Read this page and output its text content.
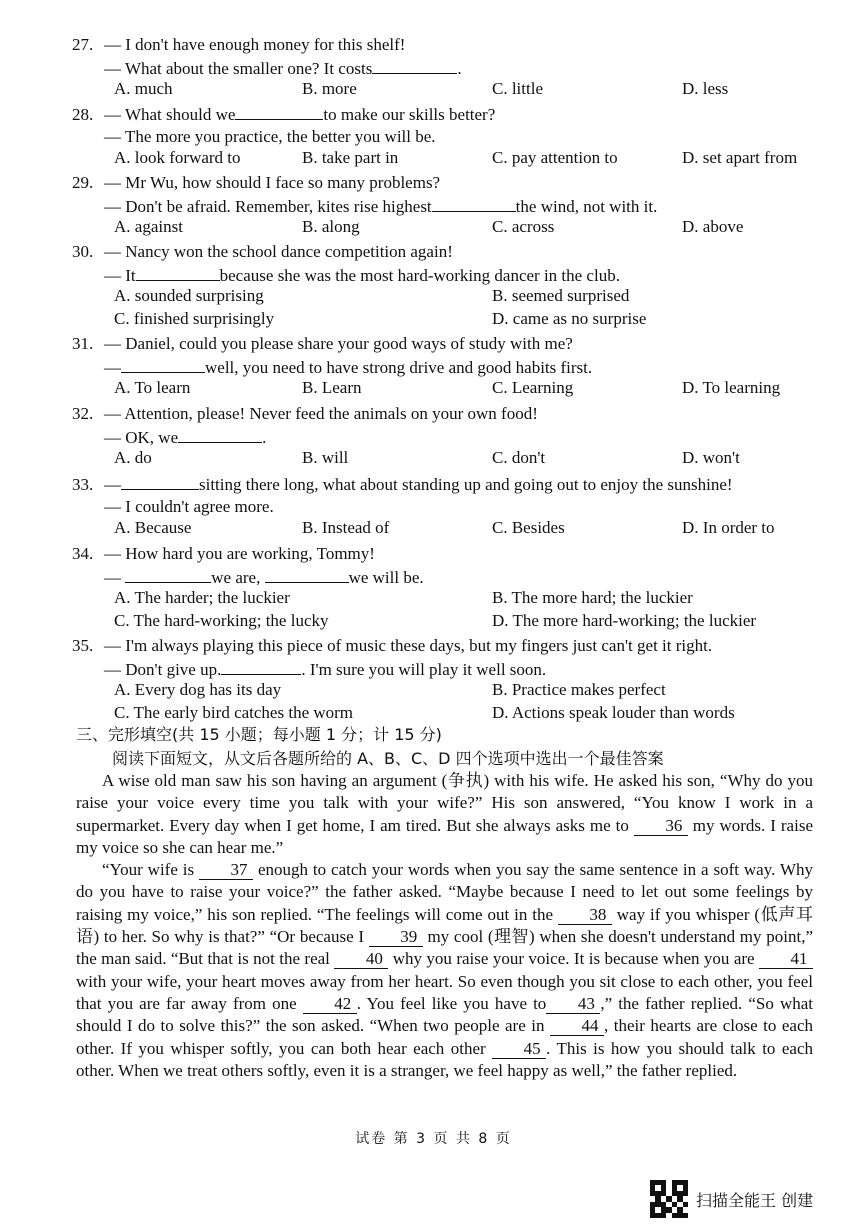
27. — I don't have enough money for this shelf!
— What about the smaller one? It costs	.
A. much	B. more	C. little	D. less
28. — What should we	to make our skills better?
— The more you practice, the better you will be.
A. look forward to	B. take part in	C. pay attention to	D. set apart from
29. — Mr Wu, how should I face so many problems?
— Don't be afraid. Remember, kites rise highest	the wind, not with it.
A. against	B. along	C. across	D. above
30. — Nancy won the school dance competition again!
— It	because she was the most hard-working dancer in the club.
A. sounded surprising	B. seemed surprised
C. finished surprisingly	D. came as no surprise
31. — Daniel, could you please share your good ways of study with me?
—	well, you need to have strong drive and good habits first.
A. To learn	B. Learn	C. Learning	D. To learning
32. — Attention, please! Never feed the animals on your own food!
— OK, we	.
A. do	B. will	C. don't	D. won't
33. —	sitting there long, what about standing up and going out to enjoy the sunshine!
— I couldn't agree more.
A. Because	B. Instead of	C. Besides	D. In order to
34. — How hard you are working, Tommy!
—	we are,	we will be.
A. The harder; the luckier	B. The more hard; the luckier
C. The hard-working; the lucky	D. The more hard-working; the luckier
35. — I'm always playing this piece of music these days, but my fingers just can't get it right.
— Don't give up.	. I'm sure you will play it well soon.
A. Every dog has its day	B. Practice makes perfect
C. The early bird catches the worm	D. Actions speak louder than words
三、完形填空(共 15 小题；每小题 1 分；计 15 分)
阅读下面短文，从文后各题所给的 A、B、C、D 四个选项中选出一个最佳答案

A wise old man saw his son having an argument (争执) with his wife. He asked his son, “Why do you raise your voice every time you talk with your wife?” His son answered, “You know I work in a supermarket. Every day when I get home, I am tired. But she always asks me to 36 my words. I raise my voice so she can hear me.”

“Your wife is 37 enough to catch your words when you say the same sentence in a soft way. Why do you have to raise your voice?” the father asked. “Maybe because I need to let out some feelings by raising my voice,” his son replied. “The feelings will come out in the 38 way if you whisper (低声耳语) to her. So why is that?” “Or because I 39 my cool (理智) when she doesn't understand my point,” the man said. “But that is not the real 40 why you raise your voice. It is because when you are 41 with your wife, your heart moves away from her heart. So even though you sit close to each other, you feel that you are far away from one 42 . You feel like you have to 43 ,” the father replied. “So what should I do to solve this?” the son asked. “When two people are in 44 , their hearts are close to each other. If you whisper softly, you can both hear each other 45 . This is how you should talk to each other. When we treat others softly, even it is a stranger, we feel happy as well,” the father replied.

试卷 第 3 页 共 8 页
扫描全能王 创建
